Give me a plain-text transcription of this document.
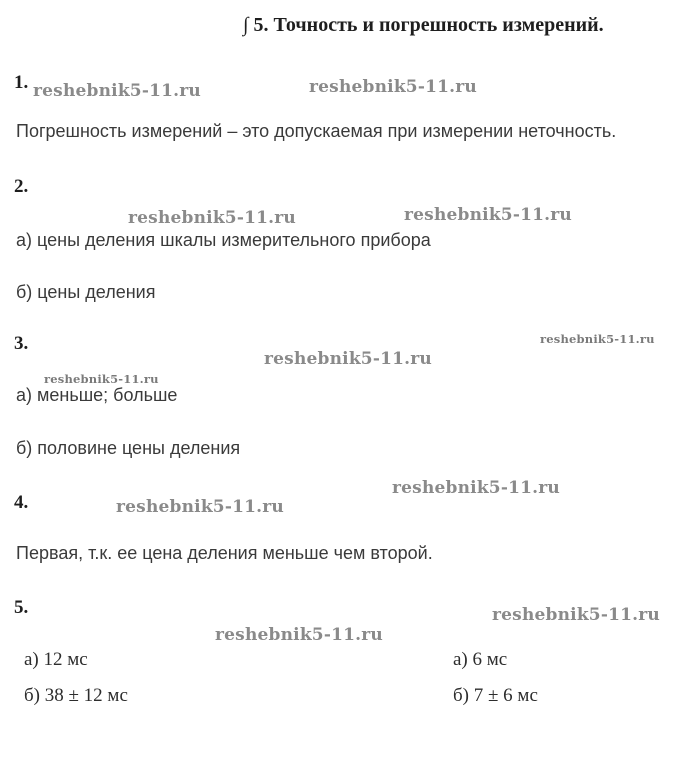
∫ 5. Точность и погрешность измерений.
1.
Погрешность измерений – это допускаемая при измерении неточность.
2.
а) цены деления шкалы измерительного прибора
б) цены деления
3.
а) меньше; больше
б) половине цены деления
4.
Первая, т.к. ее цена деления меньше чем второй.
5.
а) 12 мс
б) 38 ± 12 мс
а) 6 мс
б) 7 ± 6 мс
reshebnik5-11.ru	reshebnik5-11.ru
reshebnik5-11.ru	reshebnik5-11.ru
reshebnik5-11.ru
reshebnik5-11.ru
reshebnik5-11.ru
reshebnik5-11.ru
reshebnik5-11.ru
reshebnik5-11.ru
reshebnik5-11.ru
